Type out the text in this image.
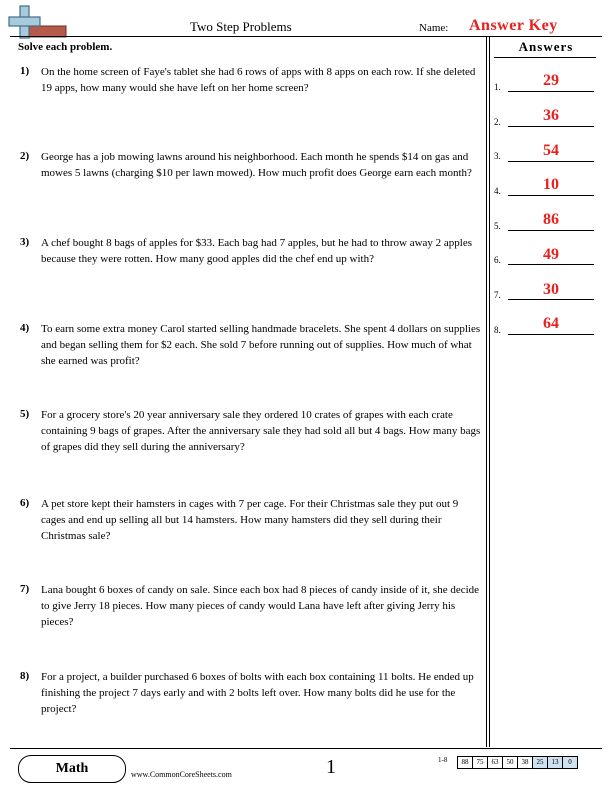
Two Step Problems	Name: Answer Key
Solve each problem.	Answers
1.	29
2.	36
3.	54
4.	10
5.	86
6.	49
7.	30
8.	64
1) On the home screen of Faye's tablet she had 6 rows of apps with 8 apps on each row. If she deleted 19 apps, how many would she have left on her home screen?
2) George has a job mowing lawns around his neighborhood. Each month he spends $14 on gas and mowes 5 lawns (charging $10 per lawn mowed). How much profit does George earn each month?
3) A chef bought 8 bags of apples for $33. Each bag had 7 apples, but he had to throw away 2 apples because they were rotten. How many good apples did the chef end up with?
4) To earn some extra money Carol started selling handmade bracelets. She spent 4 dollars on supplies and began selling them for $2 each. She sold 7 before running out of supplies. How much of what she earned was profit?
5) For a grocery store's 20 year anniversary sale they ordered 10 crates of grapes with each crate containing 9 bags of grapes. After the anniversary sale they had sold all but 4 bags. How many bags of grapes did they sell during the anniversary?
6) A pet store kept their hamsters in cages with 7 per cage. For their Christmas sale they put out 9 cages and end up selling all but 14 hamsters. How many hamsters did they sell during their Christmas sale?
7) Lana bought 6 boxes of candy on sale. Since each box had 8 pieces of candy inside of it, she decide to give Jerry 18 pieces. How many pieces of candy would Lana have left after giving Jerry his pieces?
8) For a project, a builder purchased 6 boxes of bolts with each box containing 11 bolts. He ended up finishing the project 7 days early and with 2 bolts left over. How many bolts did he use for the project?
Math	www.CommonCoreSheets.com	1	1-8	88	75	63	50	38	25	13	0
